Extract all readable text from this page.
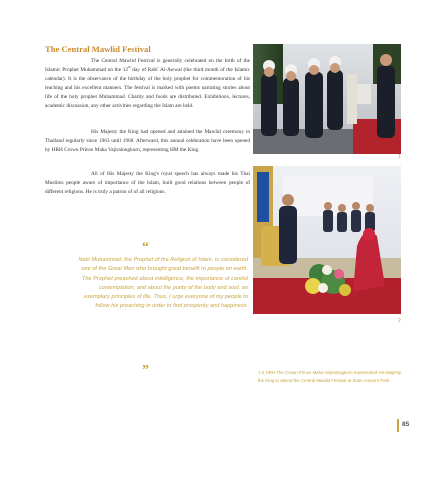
The Central Mawlid Festival

The Central Mawlid Festival is generally celebrated on the birth of the Islamic Prophet Muhammad on the 12th day of Rabi' Al-Awwal (the third month of the Islamic calendar). It is the observance of the birthday of the holy prophet for commemoration of his teaching and his excellent manners. The festival is marked with poems narrating stories about life of the holy prophet Muhammad. Charity and foods are distributed. Exhibitions, lectures, academic discussion, any other activities regarding the Islam are held.

His Majesty the King had opened and attained the Mawlid ceremony in Thailand regularly since 1963 until 1968. Afterward, this annual celebration have been opened by HRH Crown Prince Maha Vajiralongkorn, representing HM the King.

All of His Majesty the King's royal speech has always made his Thai Muslims people aware of importance of the Islam, built good relations between people of different religions. He is truly a patron of of all religions.

1
2
“
Nabi Muhammad, the Prophet of the Religion of Islam, is considered one of the Great Men who brought great benefit to people on earth. The Prophet preached about intelligence, the importance of careful contemplation, and about the purity of the body and soul, an exemplary principles of life. Thus, I urge everyone of my people to follow his preaching in order to find prosperity and happiness.
”	1-2 HRH The Crown Prince Maha Vajiralongkorn represented His Majesty the King to attend the Central Mawlid Festival at Suan Amporn Park
85
